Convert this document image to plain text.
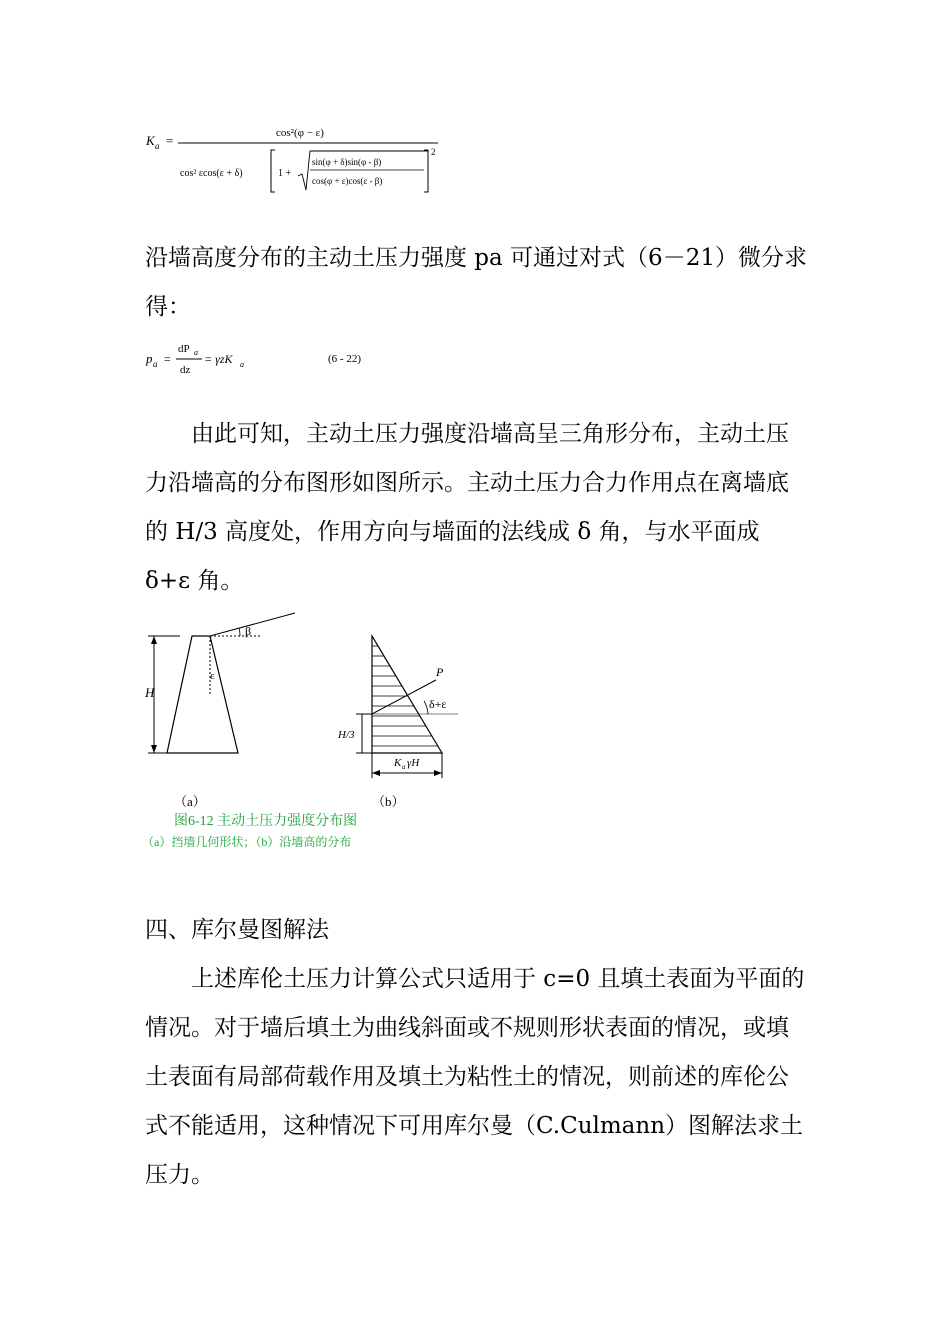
K a =	cos²(φ − ε)
cos² εcos(ε + δ)	1 +
sin(φ + δ)sin(φ - β)
cos(φ + ε)cos(ε - β)
2

沿墙高度分布的主动土压力强度 pa 可通过对式（6－21）微分求得：

p a =
dP a
dz
= γzK a	(6 - 22)

由此可知，主动土压力强度沿墙高呈三角形分布，主动土压力沿墙高的分布图形如图所示。主动土压力合力作用点在离墙底的 H/3 高度处，作用方向与墙面的法线成 δ 角，与水平面成 δ+ε 角。

H
β
ε	P
δ+ε
H/3
K a γH
（a）	（b）
图6-12 主动土压力强度分布图
（a）挡墙几何形状；（b）沿墙高的分布

四、库尔曼图解法

上述库伦土压力计算公式只适用于 c=0 且填土表面为平面的情况。对于墙后填土为曲线斜面或不规则形状表面的情况，或填土表面有局部荷载作用及填土为粘性土的情况，则前述的库伦公式不能适用，这种情况下可用库尔曼（C.Culmann）图解法求土压力。
